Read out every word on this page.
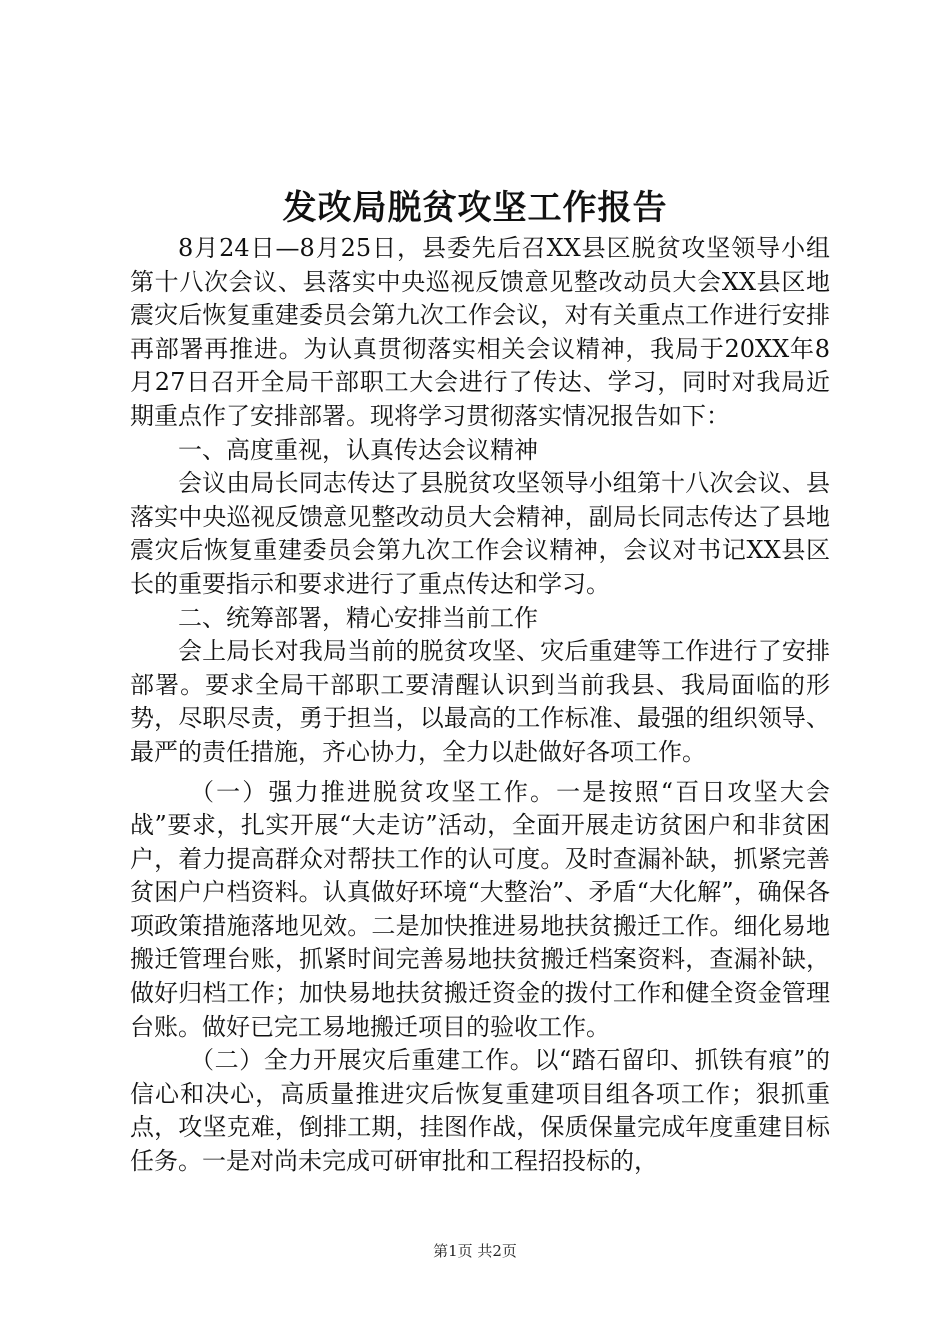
发改局脱贫攻坚工作报告

8月24日—8月25日，县委先后召XX县区脱贫攻坚领导小组第十八次会议、县落实中央巡视反馈意见整改动员大会XX县区地震灾后恢复重建委员会第九次工作会议，对有关重点工作进行安排再部署再推进。为认真贯彻落实相关会议精神，我局于20XX年8月27日召开全局干部职工大会进行了传达、学习，同时对我局近期重点作了安排部署。现将学习贯彻落实情况报告如下：

一、高度重视，认真传达会议精神

会议由局长同志传达了县脱贫攻坚领导小组第十八次会议、县落实中央巡视反馈意见整改动员大会精神，副局长同志传达了县地震灾后恢复重建委员会第九次工作会议精神，会议对书记XX县区长的重要指示和要求进行了重点传达和学习。

二、统筹部署，精心安排当前工作

会上局长对我局当前的脱贫攻坚、灾后重建等工作进行了安排部署。要求全局干部职工要清醒认识到当前我县、我局面临的形势，尽职尽责，勇于担当，以最高的工作标准、最强的组织领导、最严的责任措施，齐心协力，全力以赴做好各项工作。

（一）强力推进脱贫攻坚工作。一是按照“百日攻坚大会战”要求，扎实开展“大走访”活动，全面开展走访贫困户和非贫困户，着力提高群众对帮扶工作的认可度。及时查漏补缺，抓紧完善贫困户户档资料。认真做好环境“大整治”、矛盾“大化解”，确保各项政策措施落地见效。二是加快推进易地扶贫搬迁工作。细化易地搬迁管理台账，抓紧时间完善易地扶贫搬迁档案资料，查漏补缺，做好归档工作；加快易地扶贫搬迁资金的拨付工作和健全资金管理台账。做好已完工易地搬迁项目的验收工作。

（二）全力开展灾后重建工作。以“踏石留印、抓铁有痕”的信心和决心，高质量推进灾后恢复重建项目组各项工作；狠抓重点，攻坚克难，倒排工期，挂图作战，保质保量完成年度重建目标任务。一是对尚未完成可研审批和工程招投标的，

第1页 共2页
